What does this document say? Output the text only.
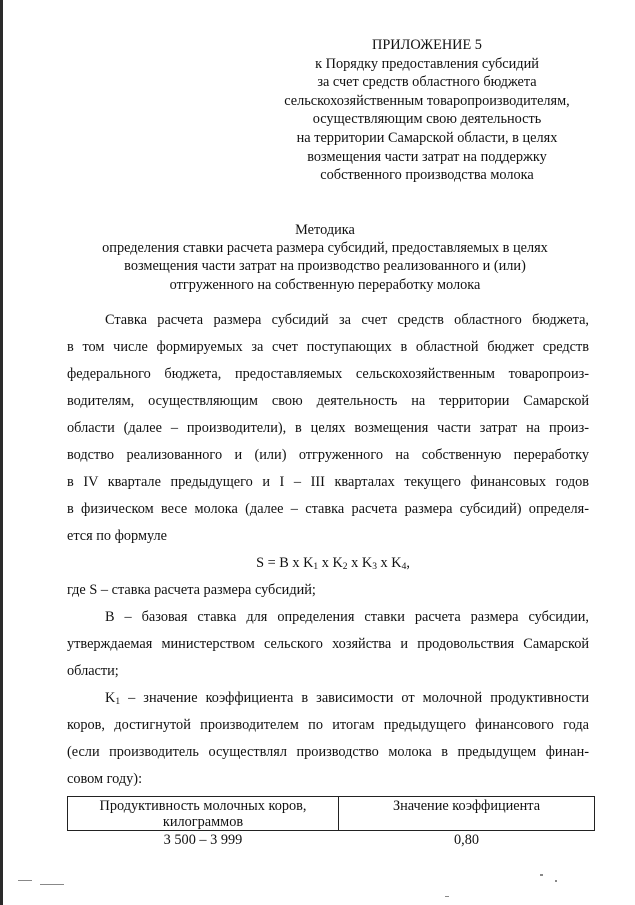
ПРИЛОЖЕНИЕ 5
к Порядку предоставления субсидий
за счет средств областного бюджета
сельскохозяйственным товаропроизводителям,
осуществляющим свою деятельность
на территории Самарской области, в целях
возмещения части затрат на поддержку
собственного производства молока
Методика
определения ставки расчета размера субсидий, предоставляемых в целях
возмещения части затрат на производство реализованного и (или)
отгруженного на собственную переработку молока
Ставка расчета размера субсидий за счет средств областного бюджета,
в том числе формируемых за счет поступающих в областной бюджет средств
федерального бюджета, предоставляемых сельскохозяйственным товаропроиз-
водителям, осуществляющим свою деятельность на территории Самарской
области (далее – производители), в целях возмещения части затрат на произ-
водство реализованного и (или) отгруженного на собственную переработку
в IV квартале предыдущего и I – III кварталах текущего финансовых годов
в физическом весе молока (далее – ставка расчета размера субсидий) определя-
ется по формуле
S = B x $K_1$ x $K_2$ x $K_3$ x $K_4$,
где S – ставка расчета размера субсидий;
B – базовая ставка для определения ставки расчета размера субсидии,
утверждаемая министерством сельского хозяйства и продовольствия Самарской
области;
K1 – значение коэффициента в зависимости от молочной продуктивности
коров, достигнутой производителем по итогам предыдущего финансового года
(если производитель осуществлял производство молока в предыдущем финан-
совом году):
Продуктивность молочных коров, килограммов	Значение коэффициента
3 500 – 3 999	0,80
